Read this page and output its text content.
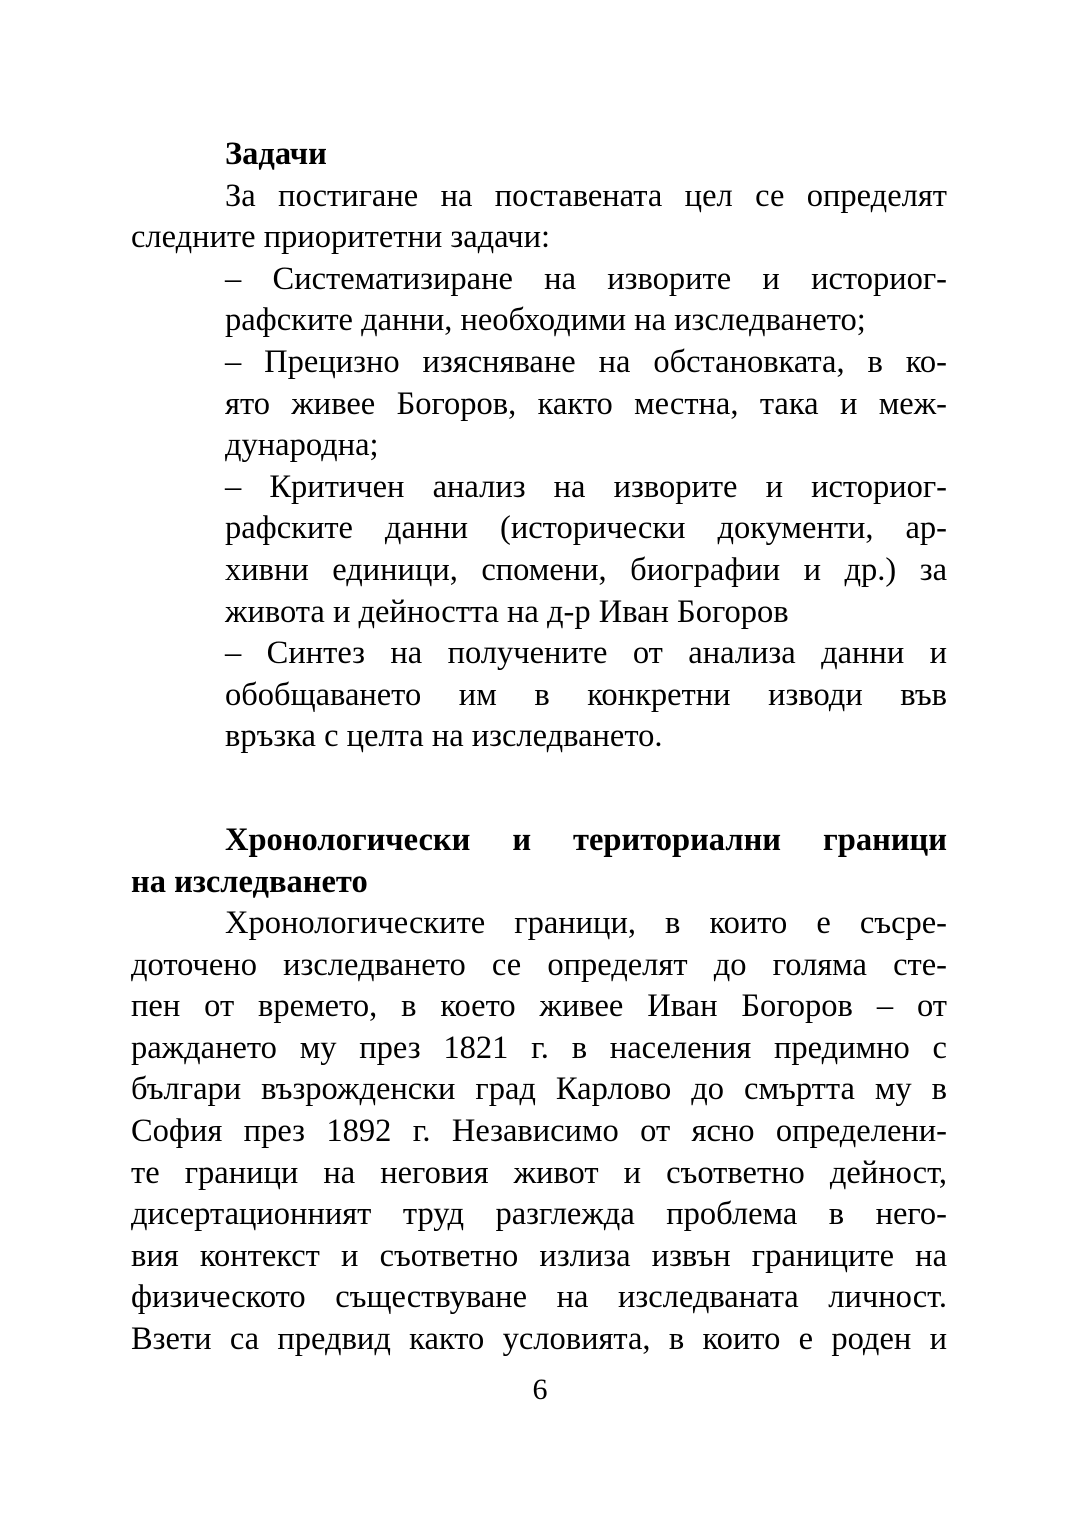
Задачи
За постигане на поставената цел се определят
следните приоритетни задачи:
– Систематизиране на изворите и историог-
рафските данни, необходими на изследването;
– Прецизно изясняване на обстановката, в ко-
ято живее Богоров, както местна, така и меж-
дународна;
– Критичен анализ на изворите и историог-
рафските данни (исторически документи, ар-
хивни единици, спомени, биографии и др.) за
живота и дейността на д-р Иван Богоров
– Синтез на получените от анализа данни и
обобщаването им в конкретни изводи във
връзка с целта на изследването.
Хронологически и териториални граници
на изследването
Хронологическите граници, в които е съсре-
доточено изследването се определят до голяма сте-
пен от времето, в което живее Иван Богоров – от
раждането му през 1821 г. в населения предимно с
българи възрожденски град Карлово до смъртта му в
София през 1892 г. Независимо от ясно определени-
те граници на неговия живот и съответно дейност,
дисертационният труд разглежда проблема в него-
вия контекст и съответно излиза извън границите на
физическото съществуване на изследваната личност.
Взети са предвид както условията, в които е роден и
6
